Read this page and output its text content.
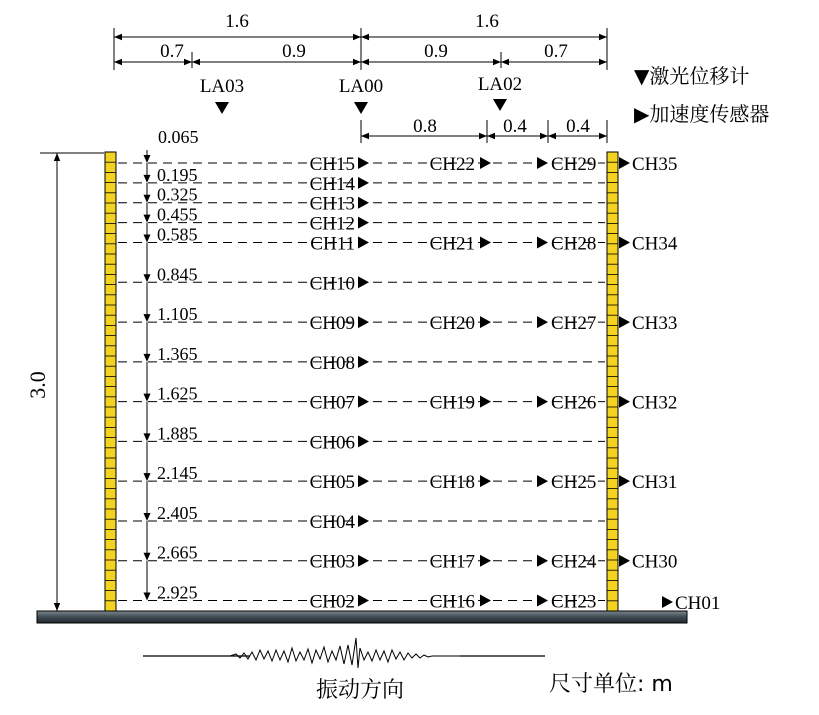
1.6	1.6
0.7	0.9	0.9	0.7
LA03	LA00	LA02	▼激光位移计
▶加速度传感器
0.8	0.4 0.4
3.0
0.065
0.195
0.325
0.455
0.585
0.845
1.105
1.365
1.625
1.885
2.145
2.405
2.665
2.925
CH15
CH14
CH13
CH12
CH11
CH10
CH09
CH08
CH07
CH06
CH05
CH04
CH03
CH02
CH22	CH29
CH21	CH28
CH20	CH27
CH19	CH26
CH18	CH25
CH17	CH24
CH16	CH23
CH35
CH34
CH33
CH32
CH31
CH30
CH01
振动方向	尺寸单位: m
